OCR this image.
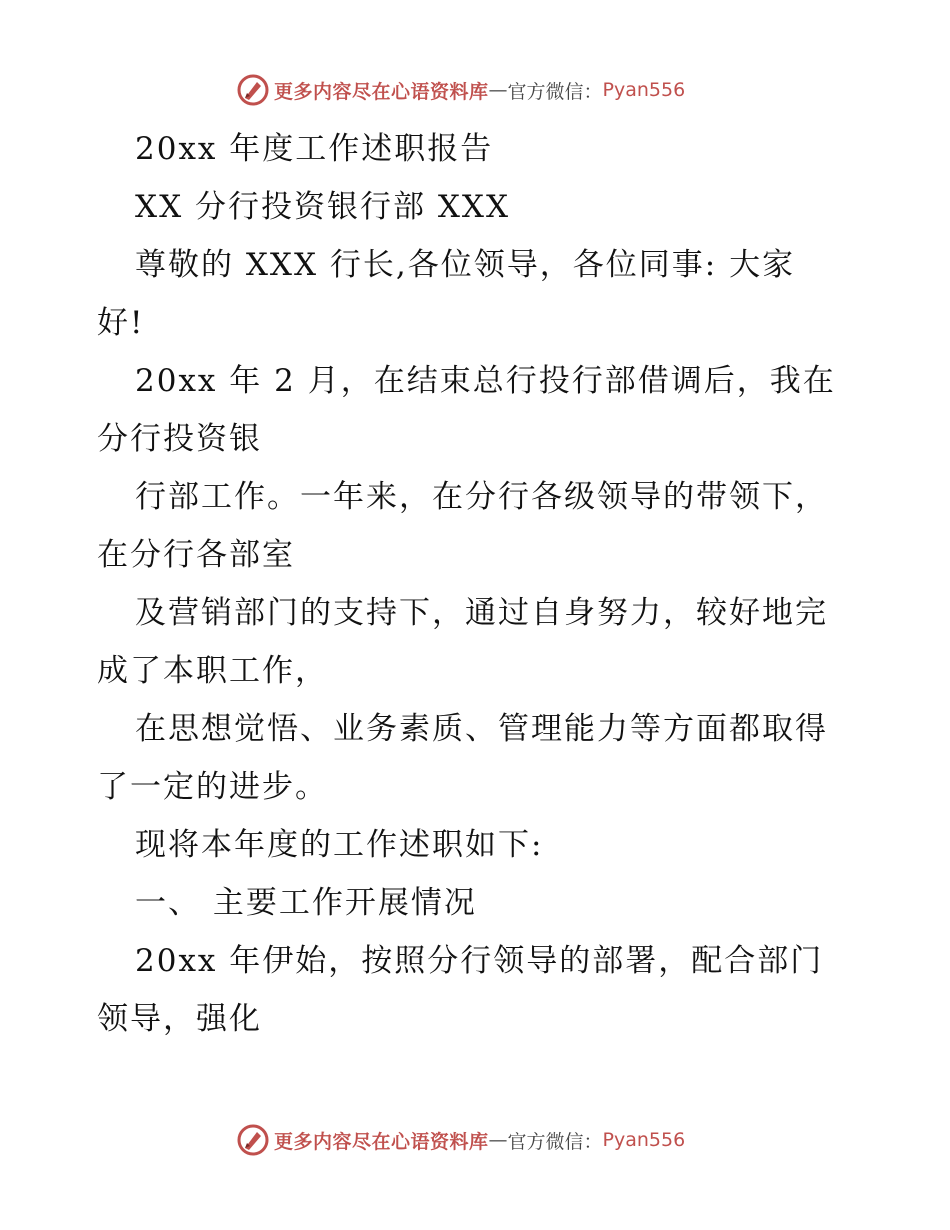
更多内容尽在心语资料库 — 官方微信： Pyan556
20xx 年度工作述职报告
XX 分行投资银行部 XXX
尊敬的 XXX 行长,各位领导，各位同事: 大家
好!
20xx 年 2 月，在结束总行投行部借调后，我在
分行投资银
行部工作。一年来，在分行各级领导的带领下，
在分行各部室
及营销部门的支持下，通过自身努力，较好地完
成了本职工作，
在思想觉悟、业务素质、管理能力等方面都取得
了一定的进步。
现将本年度的工作述职如下:
一、 主要工作开展情况
20xx 年伊始，按照分行领导的部署，配合部门
领导，强化
更多内容尽在心语资料库 — 官方微信： Pyan556
